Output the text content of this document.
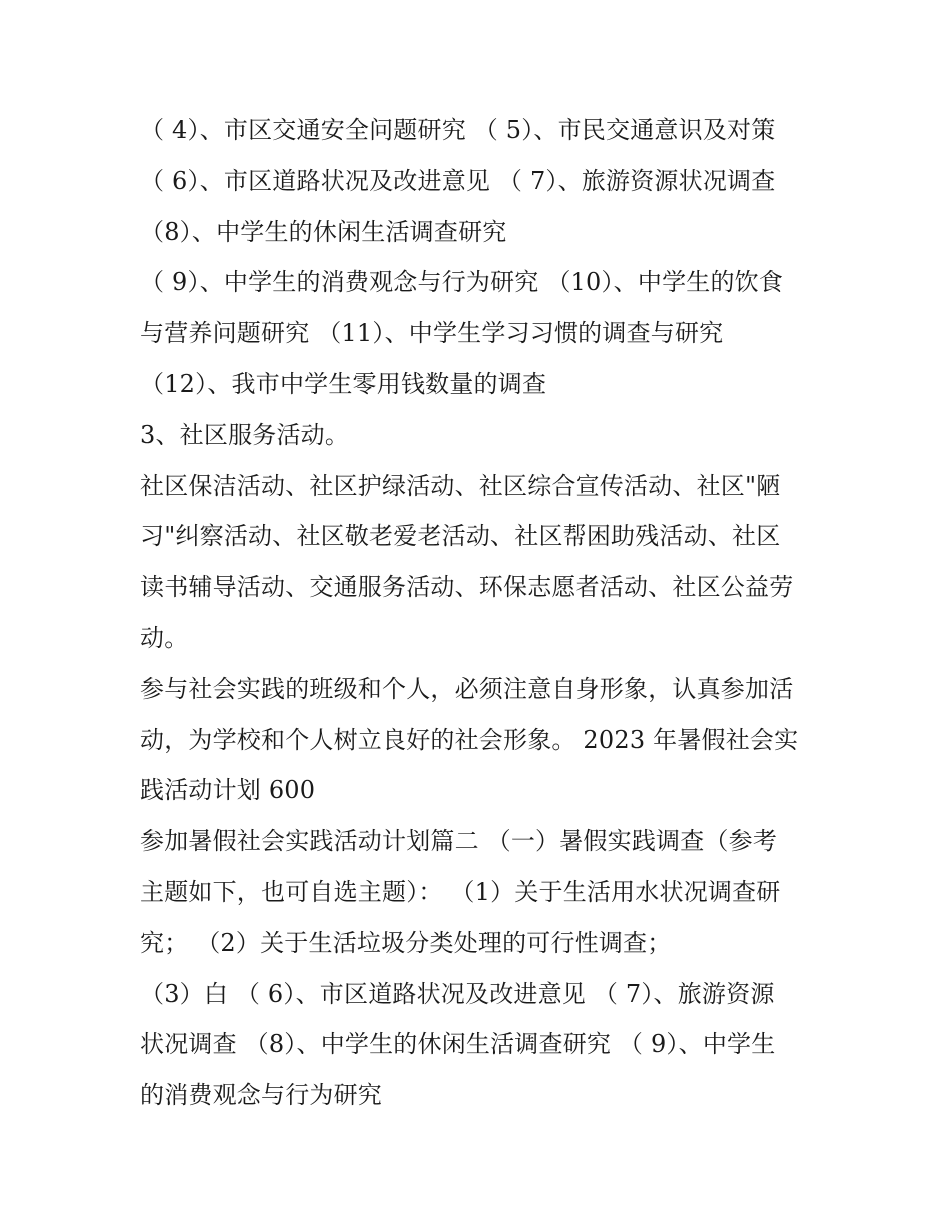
（ 4）、市区交通安全问题研究 （ 5）、市民交通意识及对策
（ 6）、市区道路状况及改进意见 （ 7）、旅游资源状况调查
（8）、中学生的休闲生活调查研究
（ 9）、中学生的消费观念与行为研究 （10）、中学生的饮食
与营养问题研究 （11）、中学生学习习惯的调查与研究
（12）、我市中学生零用钱数量的调查
3、社区服务活动。
社区保洁活动、社区护绿活动、社区综合宣传活动、社区"陋
习"纠察活动、社区敬老爱老活动、社区帮困助残活动、社区
读书辅导活动、交通服务活动、环保志愿者活动、社区公益劳
动。
参与社会实践的班级和个人，必须注意自身形象，认真参加活
动，为学校和个人树立良好的社会形象。 2023 年暑假社会实
践活动计划 600
参加暑假社会实践活动计划篇二 （一）暑假实践调查（参考
主题如下，也可自选主题）： （1）关于生活用水状况调查研
究； （2）关于生活垃圾分类处理的可行性调查；
（3）白 （ 6）、市区道路状况及改进意见 （ 7）、旅游资源
状况调查 （8）、中学生的休闲生活调查研究 （ 9）、中学生
的消费观念与行为研究
